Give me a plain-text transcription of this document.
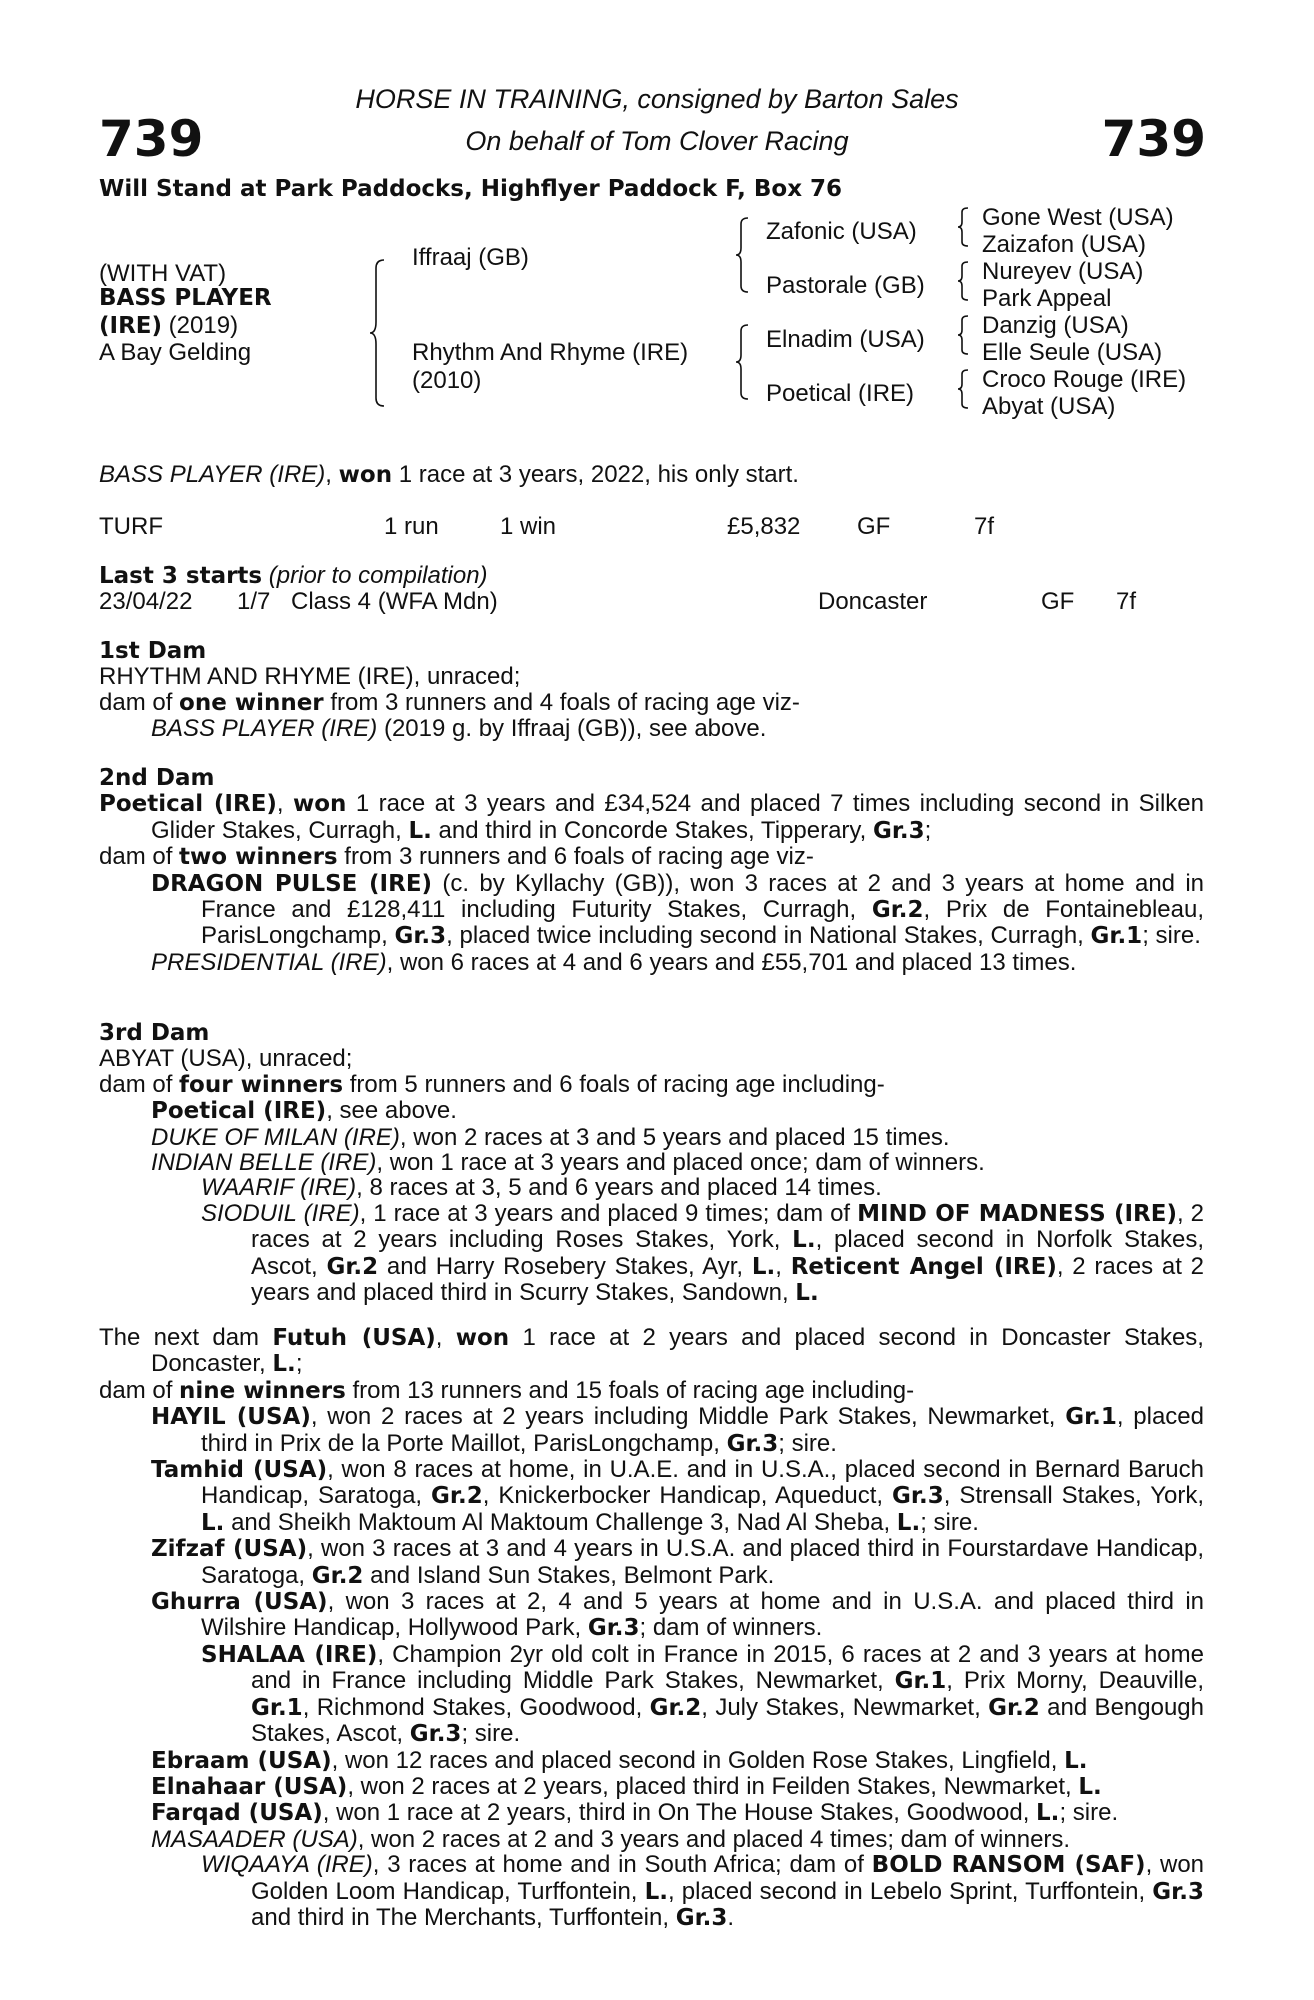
739	739
HORSE IN TRAINING, consigned by Barton Sales
On behalf of Tom Clover Racing
Will Stand at Park Paddocks, Highflyer Paddock F, Box 76
(WITH VAT)
BASS PLAYER
(IRE) (2019)
A Bay Gelding
Iffraaj (GB)
Rhythm And Rhyme (IRE)
(2010)
Zafonic (USA)
Pastorale (GB)
Elnadim (USA)
Poetical (IRE)
Gone West (USA)
Zaizafon (USA)
Nureyev (USA)
Park Appeal
Danzig (USA)
Elle Seule (USA)
Croco Rouge (IRE)
Abyat (USA)
BASS PLAYER (IRE), won 1 race at 3 years, 2022, his only start.
TURF	1 run	1 win	£5,832 GF	7f
Last 3 starts (prior to compilation)
23/04/22 1/7 Class 4 (WFA Mdn)	Doncaster	GF 7f

1st Dam

RHYTHM AND RHYME (IRE), unraced;

dam of one winner from 3 runners and 4 foals of racing age viz-

BASS PLAYER (IRE) (2019 g. by Iffraaj (GB)), see above.

2nd Dam

Poetical (IRE), won 1 race at 3 years and £34,524 and placed 7 times including second in Silken Glider Stakes, Curragh, L. and third in Concorde Stakes, Tipperary, Gr.3;

dam of two winners from 3 runners and 6 foals of racing age viz-

DRAGON PULSE (IRE) (c. by Kyllachy (GB)), won 3 races at 2 and 3 years at home and in France and £128,411 including Futurity Stakes, Curragh, Gr.2, Prix de Fontainebleau, ParisLongchamp, Gr.3, placed twice including second in National Stakes, Curragh, Gr.1; sire.

PRESIDENTIAL (IRE), won 6 races at 4 and 6 years and £55,701 and placed 13 times.

3rd Dam

ABYAT (USA), unraced;

dam of four winners from 5 runners and 6 foals of racing age including-

Poetical (IRE), see above.

DUKE OF MILAN (IRE), won 2 races at 3 and 5 years and placed 15 times.

INDIAN BELLE (IRE), won 1 race at 3 years and placed once; dam of winners.

WAARIF (IRE), 8 races at 3, 5 and 6 years and placed 14 times.

SIODUIL (IRE), 1 race at 3 years and placed 9 times; dam of MIND OF MADNESS (IRE), 2 races at 2 years including Roses Stakes, York, L., placed second in Norfolk Stakes, Ascot, Gr.2 and Harry Rosebery Stakes, Ayr, L., Reticent Angel (IRE), 2 races at 2 years and placed third in Scurry Stakes, Sandown, L.

The next dam Futuh (USA), won 1 race at 2 years and placed second in Doncaster Stakes, Doncaster, L.;

dam of nine winners from 13 runners and 15 foals of racing age including-

HAYIL (USA), won 2 races at 2 years including Middle Park Stakes, Newmarket, Gr.1, placed third in Prix de la Porte Maillot, ParisLongchamp, Gr.3; sire.

Tamhid (USA), won 8 races at home, in U.A.E. and in U.S.A., placed second in Bernard Baruch Handicap, Saratoga, Gr.2, Knickerbocker Handicap, Aqueduct, Gr.3, Strensall Stakes, York, L. and Sheikh Maktoum Al Maktoum Challenge 3, Nad Al Sheba, L.; sire.

Zifzaf (USA), won 3 races at 3 and 4 years in U.S.A. and placed third in Fourstardave Handicap, Saratoga, Gr.2 and Island Sun Stakes, Belmont Park.

Ghurra (USA), won 3 races at 2, 4 and 5 years at home and in U.S.A. and placed third in Wilshire Handicap, Hollywood Park, Gr.3; dam of winners.

SHALAA (IRE), Champion 2yr old colt in France in 2015, 6 races at 2 and 3 years at home and in France including Middle Park Stakes, Newmarket, Gr.1, Prix Morny, Deauville, Gr.1, Richmond Stakes, Goodwood, Gr.2, July Stakes, Newmarket, Gr.2 and Bengough Stakes, Ascot, Gr.3; sire.

Ebraam (USA), won 12 races and placed second in Golden Rose Stakes, Lingfield, L.

Elnahaar (USA), won 2 races at 2 years, placed third in Feilden Stakes, Newmarket, L.

Farqad (USA), won 1 race at 2 years, third in On The House Stakes, Goodwood, L.; sire.

MASAADER (USA), won 2 races at 2 and 3 years and placed 4 times; dam of winners.

WIQAAYA (IRE), 3 races at home and in South Africa; dam of BOLD RANSOM (SAF), won Golden Loom Handicap, Turffontein, L., placed second in Lebelo Sprint, Turffontein, Gr.3 and third in The Merchants, Turffontein, Gr.3.
